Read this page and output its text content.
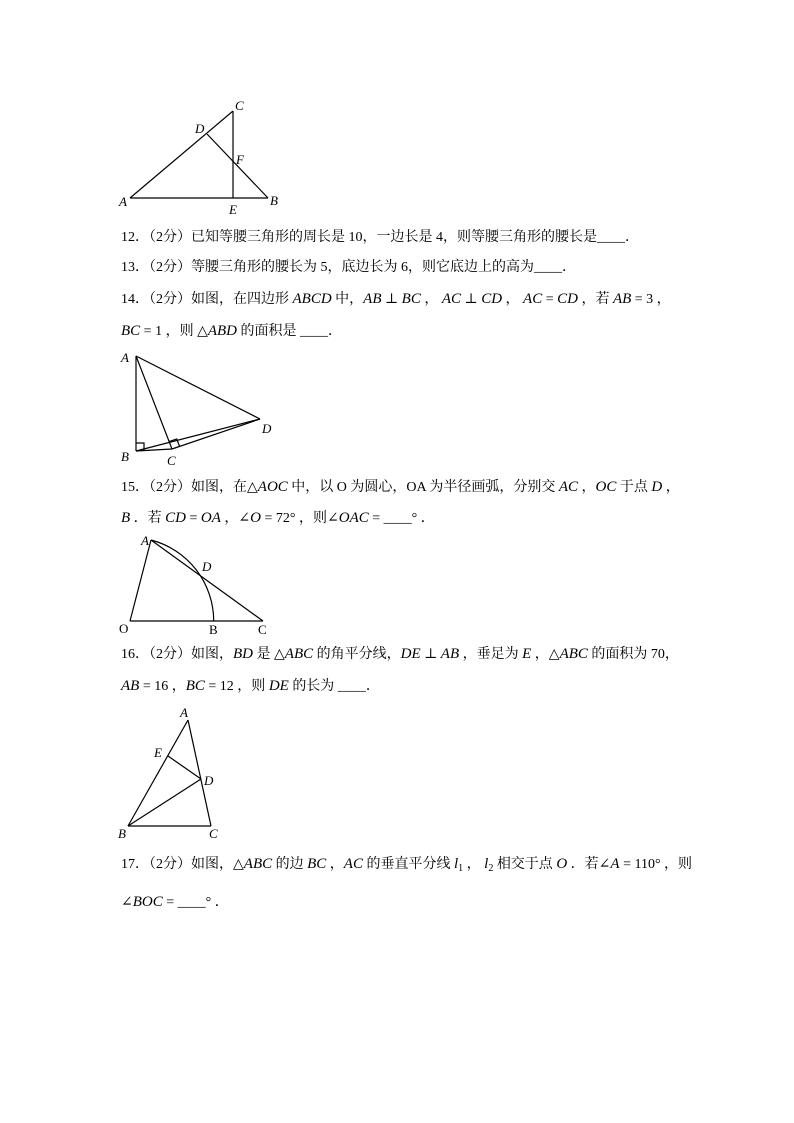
C
D
F
A
E
B
A
B	C
D
A
D
O	B	C
A
E
D
B	C
12．（2分）已知等腰三角形的周长是 10，一边长是 4，则等腰三角形的腰长是____．
13．（2分）等腰三角形的腰长为 5，底边长为 6，则它底边上的高为____．
14．（2分）如图，在四边形 ABCD 中，AB ⊥ BC ， AC ⊥ CD ， AC = CD ，若 AB = 3 ，
BC = 1 ，则 △ABD 的面积是 ____．
15．（2分）如图，在△AOC 中，以 O 为圆心，OA 为半径画弧，分别交 AC ，OC 于点 D ，
B ．若 CD = OA ，∠O = 72° ，则∠OAC = ____° ．
16．（2分）如图，BD 是 △ABC 的角平分线，DE ⊥ AB ，垂足为 E ，△ABC 的面积为 70，
AB = 16 ，BC = 12 ，则 DE 的长为 ____．
17．（2分）如图，△ABC 的边 BC ，AC 的垂直平分线 $l_1$ ， $l_2$ 相交于点 O ．若∠A = 110° ，则
∠BOC = ____° ．
